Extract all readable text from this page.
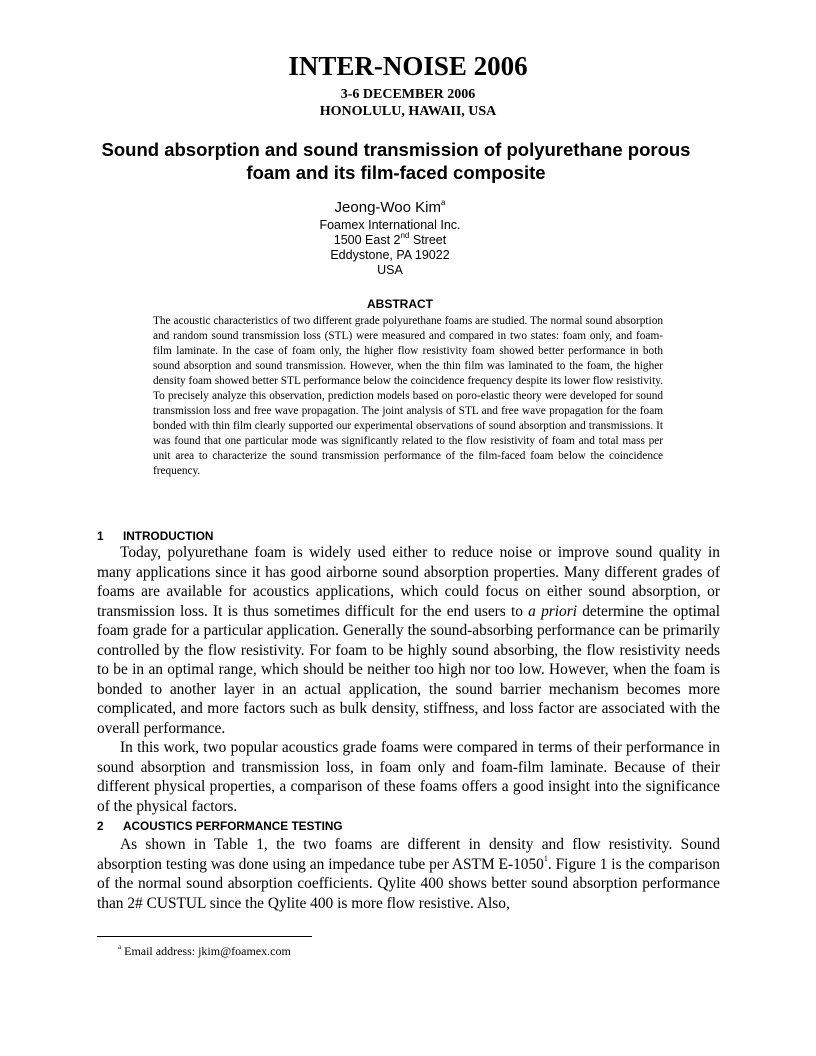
INTER-NOISE 2006
3-6 DECEMBER 2006
HONOLULU, HAWAII, USA
Sound absorption and sound transmission of polyurethane porous foam and its film-faced composite
Jeong-Woo Kim$^a$
Foamex International Inc.
1500 East 2nd Street
Eddystone, PA 19022
USA
ABSTRACT
The acoustic characteristics of two different grade polyurethane foams are studied. The normal sound absorption and random sound transmission loss (STL) were measured and compared in two states: foam only, and foam-film laminate. In the case of foam only, the higher flow resistivity foam showed better performance in both sound absorption and sound transmission. However, when the thin film was laminated to the foam, the higher density foam showed better STL performance below the coincidence frequency despite its lower flow resistivity. To precisely analyze this observation, prediction models based on poro-elastic theory were developed for sound transmission loss and free wave propagation. The joint analysis of STL and free wave propagation for the foam bonded with thin film clearly supported our experimental observations of sound absorption and transmissions. It was found that one particular mode was significantly related to the flow resistivity of foam and total mass per unit area to characterize the sound transmission performance of the film-faced foam below the coincidence frequency.
1 INTRODUCTION

Today, polyurethane foam is widely used either to reduce noise or improve sound quality in many applications since it has good airborne sound absorption properties. Many different grades of foams are available for acoustics applications, which could focus on either sound absorption, or transmission loss. It is thus sometimes difficult for the end users to a priori determine the optimal foam grade for a particular application. Generally the sound-absorbing performance can be primarily controlled by the flow resistivity. For foam to be highly sound absorbing, the flow resistivity needs to be in an optimal range, which should be neither too high nor too low. However, when the foam is bonded to another layer in an actual application, the sound barrier mechanism becomes more complicated, and more factors such as bulk density, stiffness, and loss factor are associated with the overall performance.

In this work, two popular acoustics grade foams were compared in terms of their performance in sound absorption and transmission loss, in foam only and foam-film laminate. Because of their different physical properties, a comparison of these foams offers a good insight into the significance of the physical factors.

2 ACOUSTICS PERFORMANCE TESTING

As shown in Table 1, the two foams are different in density and flow resistivity. Sound absorption testing was done using an impedance tube per ASTM E-1050$^1$. Figure 1 is the comparison of the normal sound absorption coefficients. Qylite 400 shows better sound absorption performance than 2# CUSTUL since the Qylite 400 is more flow resistive. Also,

$^a$ Email address: jkim@foamex.com
